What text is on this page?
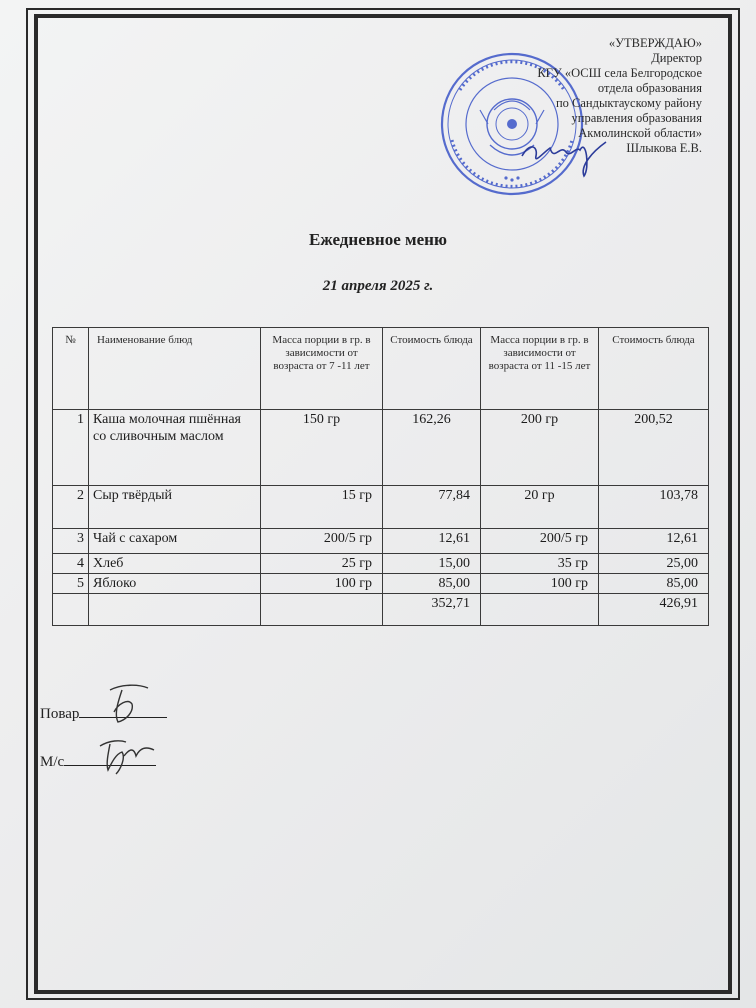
«УТВЕРЖДАЮ»
Директор
КГУ «ОСШ села Белгородское
отдела образования
по Сандыктаускому району
управления образования
Акмолинской области»
Шлыкова Е.В.
Ежедневное меню
21 апреля 2025 г.
№	Наименование блюд	Масса порции в гр. в зависимости от возраста от 7 -11 лет	Стоимость блюда	Масса порции в гр. в зависимости от возраста от 11 -15 лет	Стоимость блюда
1	Каша молочная пшённая со сливочным маслом	150 гр	162,26	200 гр	200,52
2	Сыр твёрдый	15 гр	77,84	20 гр	103,78
3	Чай с сахаром	200/5 гр	12,61	200/5 гр	12,61
4	Хлеб	25 гр	15,00	35 гр	25,00
5	Яблоко	100 гр	85,00	100 гр	85,00
			352,71		426,91
Повар
М/с
